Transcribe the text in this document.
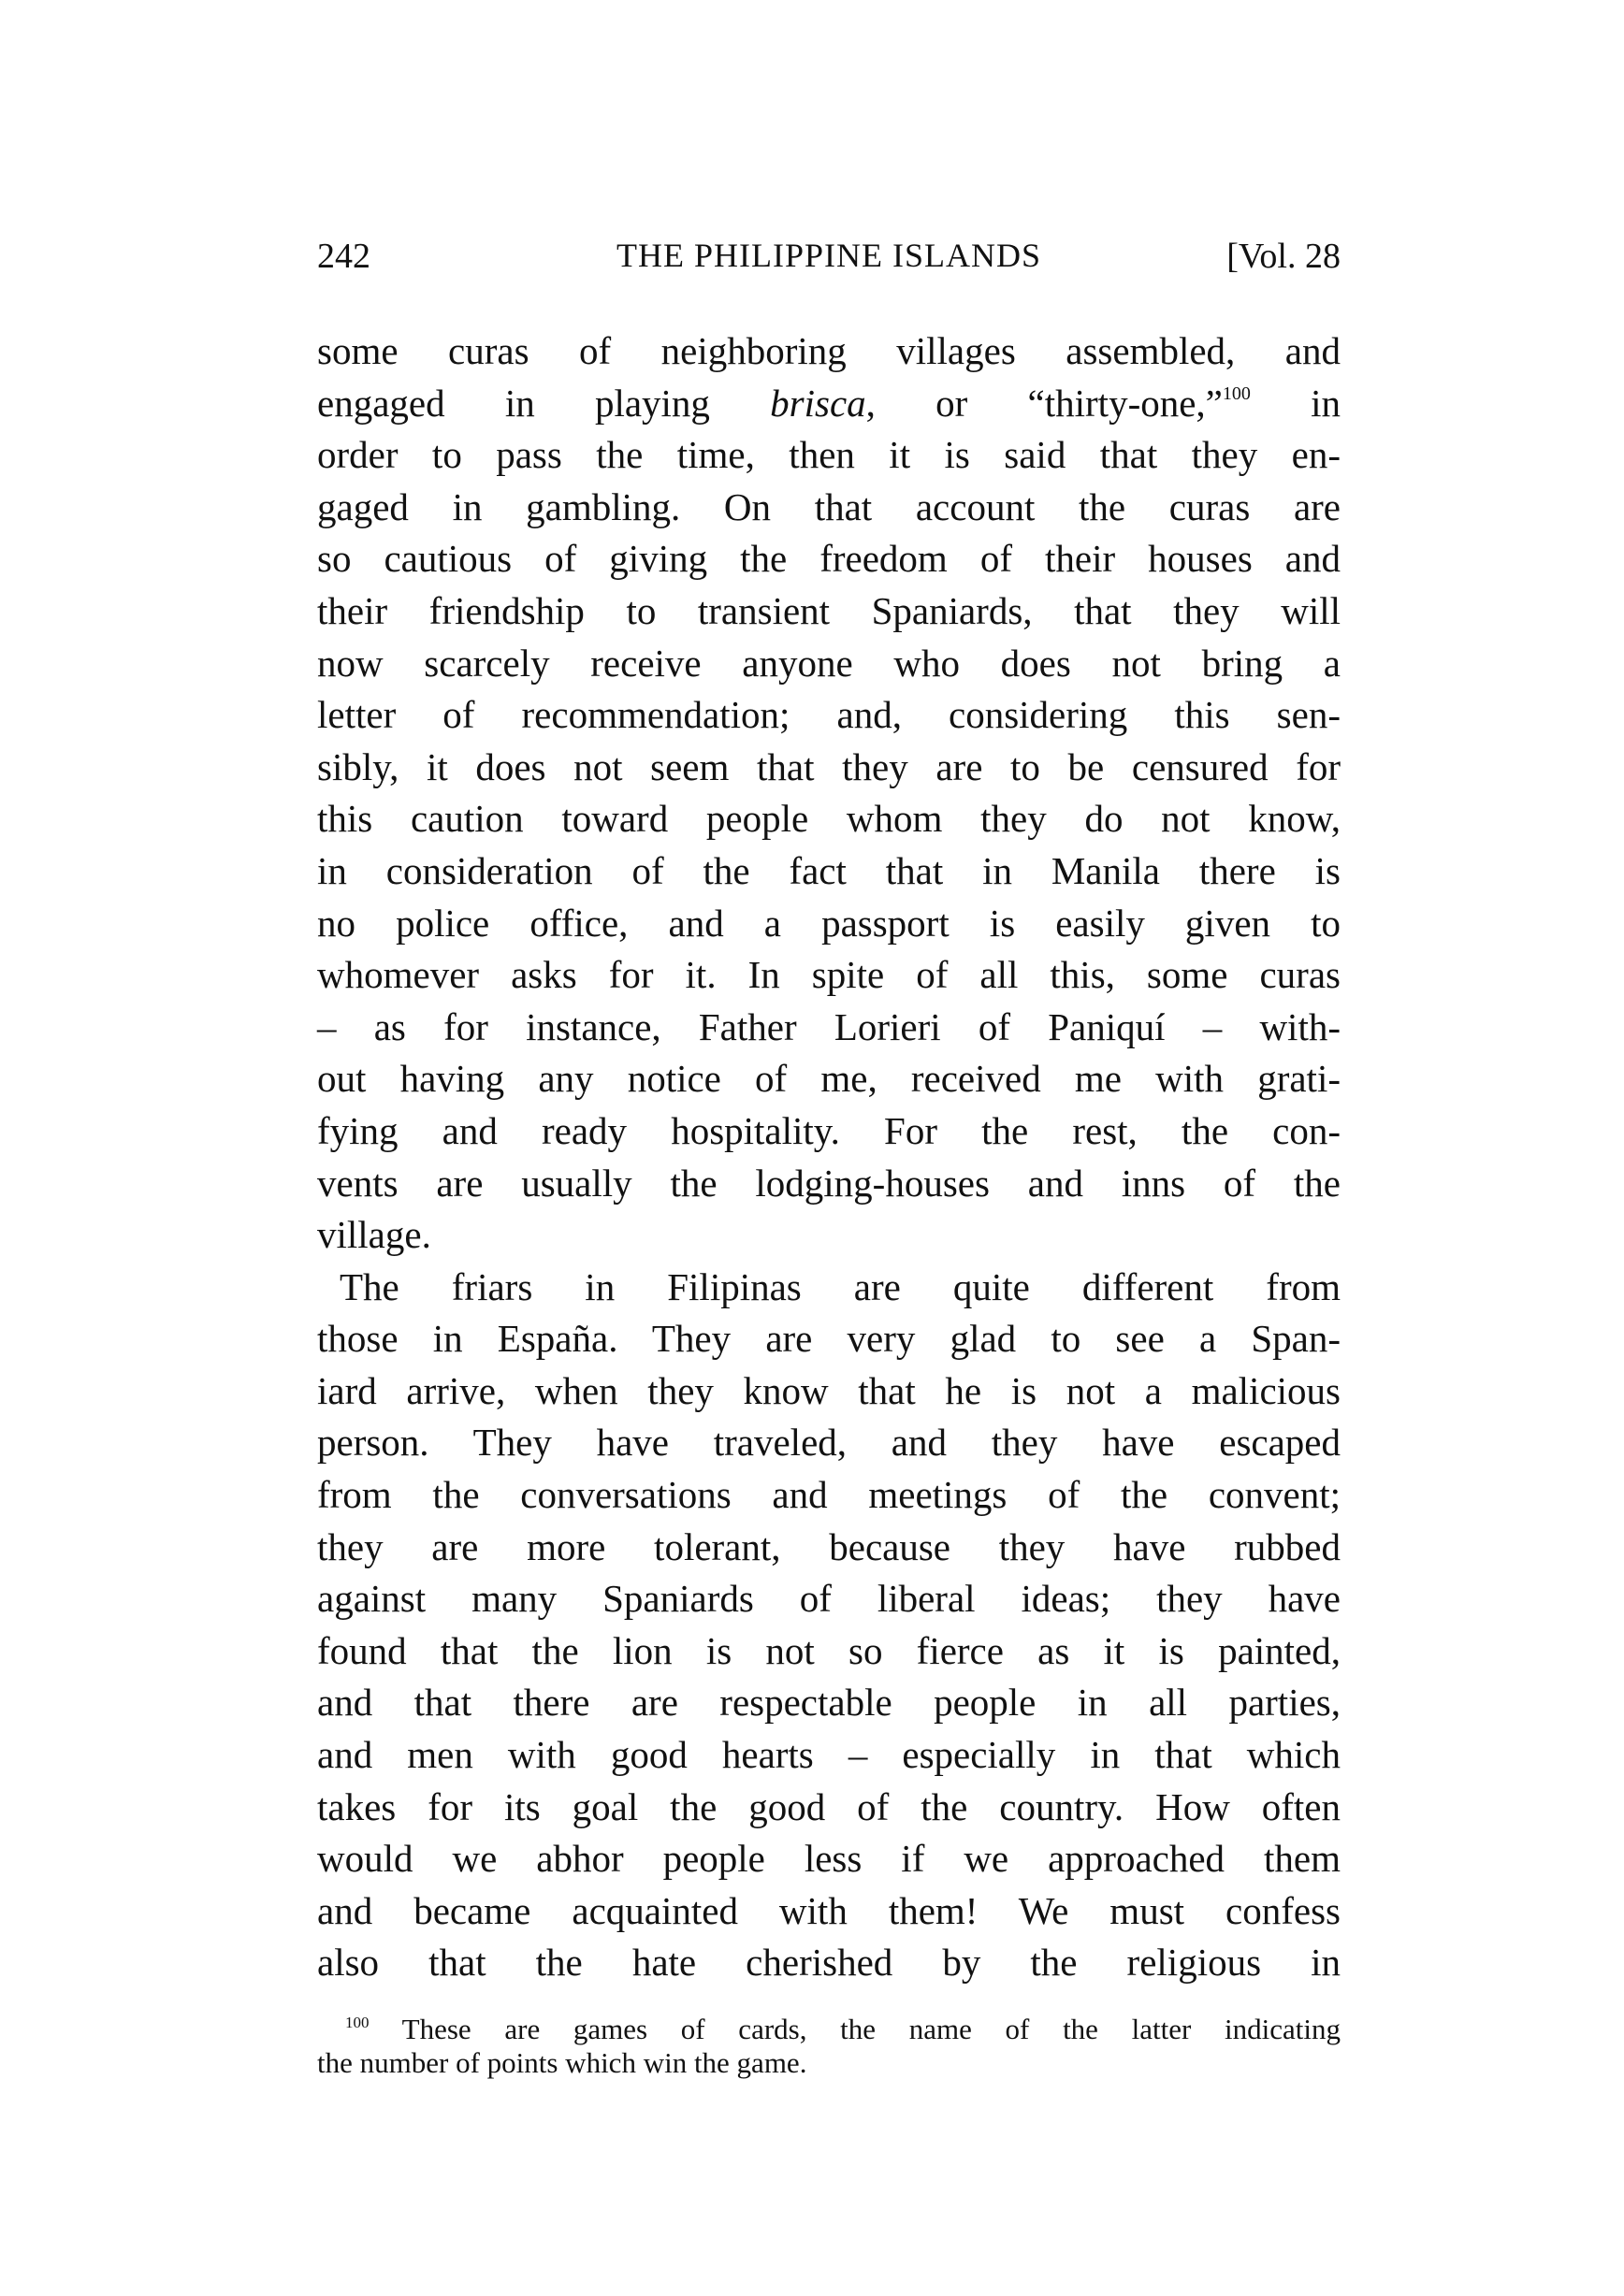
242	THE PHILIPPINE ISLANDS	[Vol. 28
some curas of neighboring villages assembled, and
engaged in playing brisca, or “thirty-one,”$^{100}$ in
order to pass the time, then it is said that they en-
gaged in gambling. On that account the curas are
so cautious of giving the freedom of their houses and
their friendship to transient Spaniards, that they will
now scarcely receive anyone who does not bring a
letter of recommendation; and, considering this sen-
sibly, it does not seem that they are to be censured for
this caution toward people whom they do not know,
in consideration of the fact that in Manila there is
no police office, and a passport is easily given to
whomever asks for it. In spite of all this, some curas
– as for instance, Father Lorieri of Paniquí – with-
out having any notice of me, received me with grati-
fying and ready hospitality. For the rest, the con-
vents are usually the lodging-houses and inns of the
village.
The friars in Filipinas are quite different from
those in España. They are very glad to see a Span-
iard arrive, when they know that he is not a malicious
person. They have traveled, and they have escaped
from the conversations and meetings of the convent;
they are more tolerant, because they have rubbed
against many Spaniards of liberal ideas; they have
found that the lion is not so fierce as it is painted,
and that there are respectable people in all parties,
and men with good hearts – especially in that which
takes for its goal the good of the country. How often
would we abhor people less if we approached them
and became acquainted with them! We must confess
also that the hate cherished by the religious in
$^{100}$ These are games of cards, the name of the latter indicating
the number of points which win the game.
